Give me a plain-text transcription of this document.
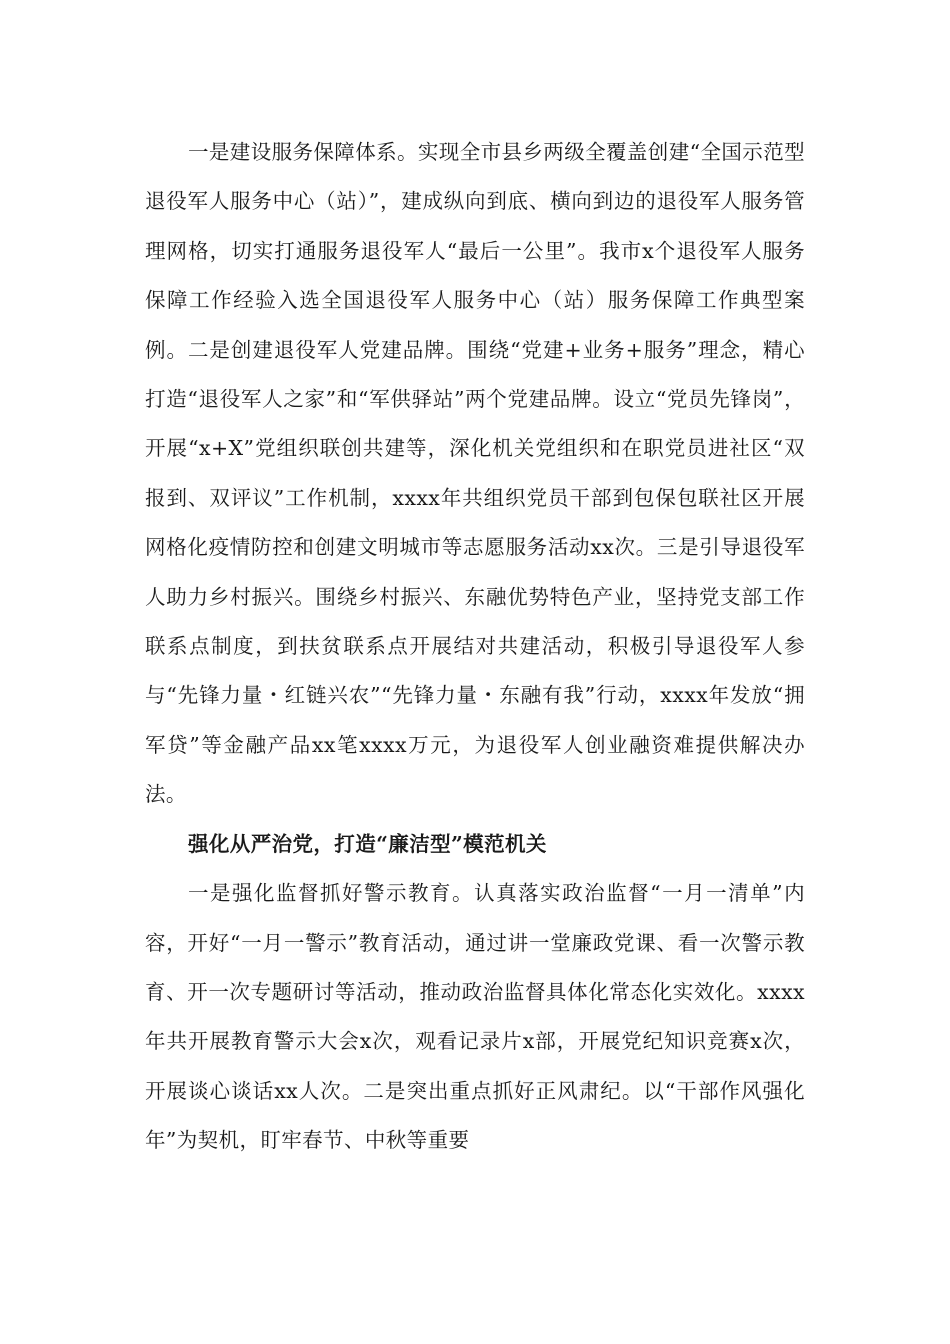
一是建设服务保障体系。实现全市县乡两级全覆盖创建“全国示范型退役军人服务中心（站）”，建成纵向到底、横向到边的退役军人服务管理网格，切实打通服务退役军人“最后一公里”。我市x个退役军人服务保障工作经验入选全国退役军人服务中心（站）服务保障工作典型案例。二是创建退役军人党建品牌。围绕“党建+业务+服务”理念，精心打造“退役军人之家”和“军供驿站”两个党建品牌。设立“党员先锋岗”，开展“x+X”党组织联创共建等，深化机关党组织和在职党员进社区“双报到、双评议”工作机制，xxxx年共组织党员干部到包保包联社区开展网格化疫情防控和创建文明城市等志愿服务活动xx次。三是引导退役军人助力乡村振兴。围绕乡村振兴、东融优势特色产业，坚持党支部工作联系点制度，到扶贫联系点开展结对共建活动，积极引导退役军人参与“先锋力量・红链兴农”“先锋力量・东融有我”行动，xxxx年发放“拥军贷”等金融产品xx笔xxxx万元，为退役军人创业融资难提供解决办法。

强化从严治党，打造“廉洁型”模范机关

一是强化监督抓好警示教育。认真落实政治监督“一月一清单”内容，开好“一月一警示”教育活动，通过讲一堂廉政党课、看一次警示教育、开一次专题研讨等活动，推动政治监督具体化常态化实效化。xxxx年共开展教育警示大会x次，观看记录片x部，开展党纪知识竞赛x次，开展谈心谈话xx人次。二是突出重点抓好正风肃纪。以“干部作风强化年”为契机，盯牢春节、中秋等重要
